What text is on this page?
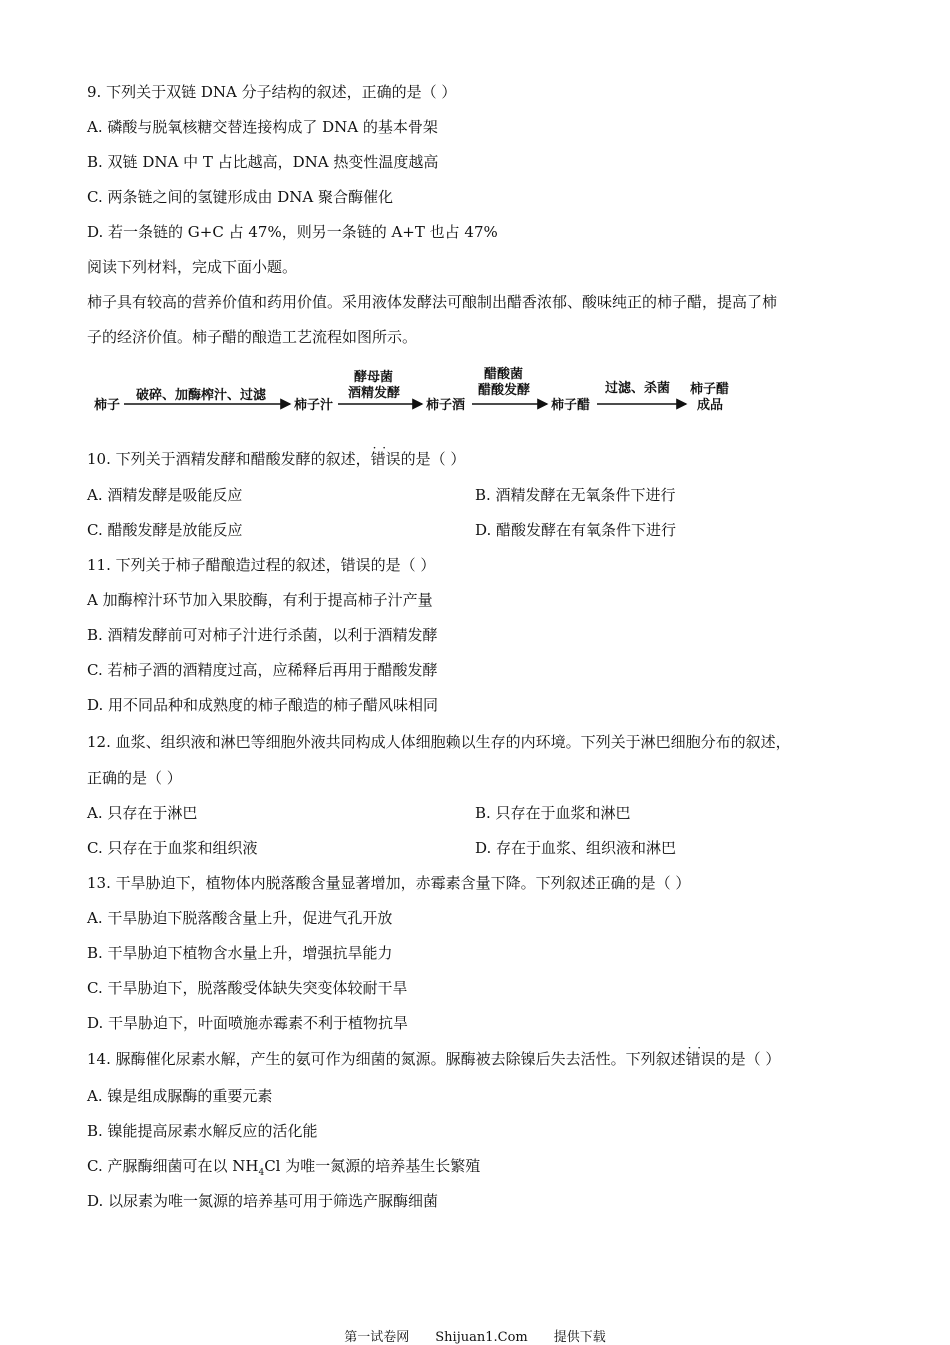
9. 下列关于双链 DNA 分子结构的叙述，正确的是（ ）
A. 磷酸与脱氧核糖交替连接构成了 DNA 的基本骨架
B. 双链 DNA 中 T 占比越高，DNA 热变性温度越高
C. 两条链之间的氢键形成由 DNA 聚合酶催化
D. 若一条链的 G+C 占 47%，则另一条链的 A+T 也占 47%
阅读下列材料，完成下面小题。
柿子具有较高的营养价值和药用价值。采用液体发酵法可酿制出醋香浓郁、酸味纯正的柿子醋，提高了柿
子的经济价值。柿子醋的酿造工艺流程如图所示。
柿子
破碎、加酶榨汁、过滤
柿子汁
酵母菌
酒精发酵
柿子酒
醋酸菌
醋酸发酵
柿子醋
过滤、杀菌 柿子醋
成品
10. 下列关于酒精发酵和醋酸发酵的叙述，· · 错误的是（ ）
A. 酒精发酵是吸能反应	B. 酒精发酵在无氧条件下进行
C. 醋酸发酵是放能反应	D. 醋酸发酵在有氧条件下进行
11. 下列关于柿子醋酿造过程的叙述，错误的是（ ）
A 加酶榨汁环节加入果胶酶，有利于提高柿子汁产量
B. 酒精发酵前可对柿子汁进行杀菌，以利于酒精发酵
C. 若柿子酒的酒精度过高，应稀释后再用于醋酸发酵
D. 用不同品种和成熟度的柿子酿造的柿子醋风味相同
12. 血浆、组织液和淋巴等细胞外液共同构成人体细胞赖以生存的内环境。下列关于淋巴细胞分布的叙述，
正确的是（ ）
A. 只存在于淋巴	B. 只存在于血浆和淋巴
C. 只存在于血浆和组织液	D. 存在于血浆、组织液和淋巴
13. 干旱胁迫下，植物体内脱落酸含量显著增加，赤霉素含量下降。下列叙述正确的是（ ）
A. 干旱胁迫下脱落酸含量上升，促进气孔开放
B. 干旱胁迫下植物含水量上升，增强抗旱能力
C. 干旱胁迫下，脱落酸受体缺失突变体较耐干旱
D. 干旱胁迫下，叶面喷施赤霉素不利于植物抗旱
14. 脲酶催化尿素水解，产生的氨可作为细菌的氮源。脲酶被去除镍后失去活性。下列叙述· · 错误的是（ ）
A. 镍是组成脲酶的重要元素
B. 镍能提高尿素水解反应的活化能
C. 产脲酶细菌可在以 $NH_4Cl$ 为唯一氮源的培养基生长繁殖
D. 以尿素为唯一氮源的培养基可用于筛选产脲酶细菌
第一试卷网　　Shijuan1.Com　　提供下载
